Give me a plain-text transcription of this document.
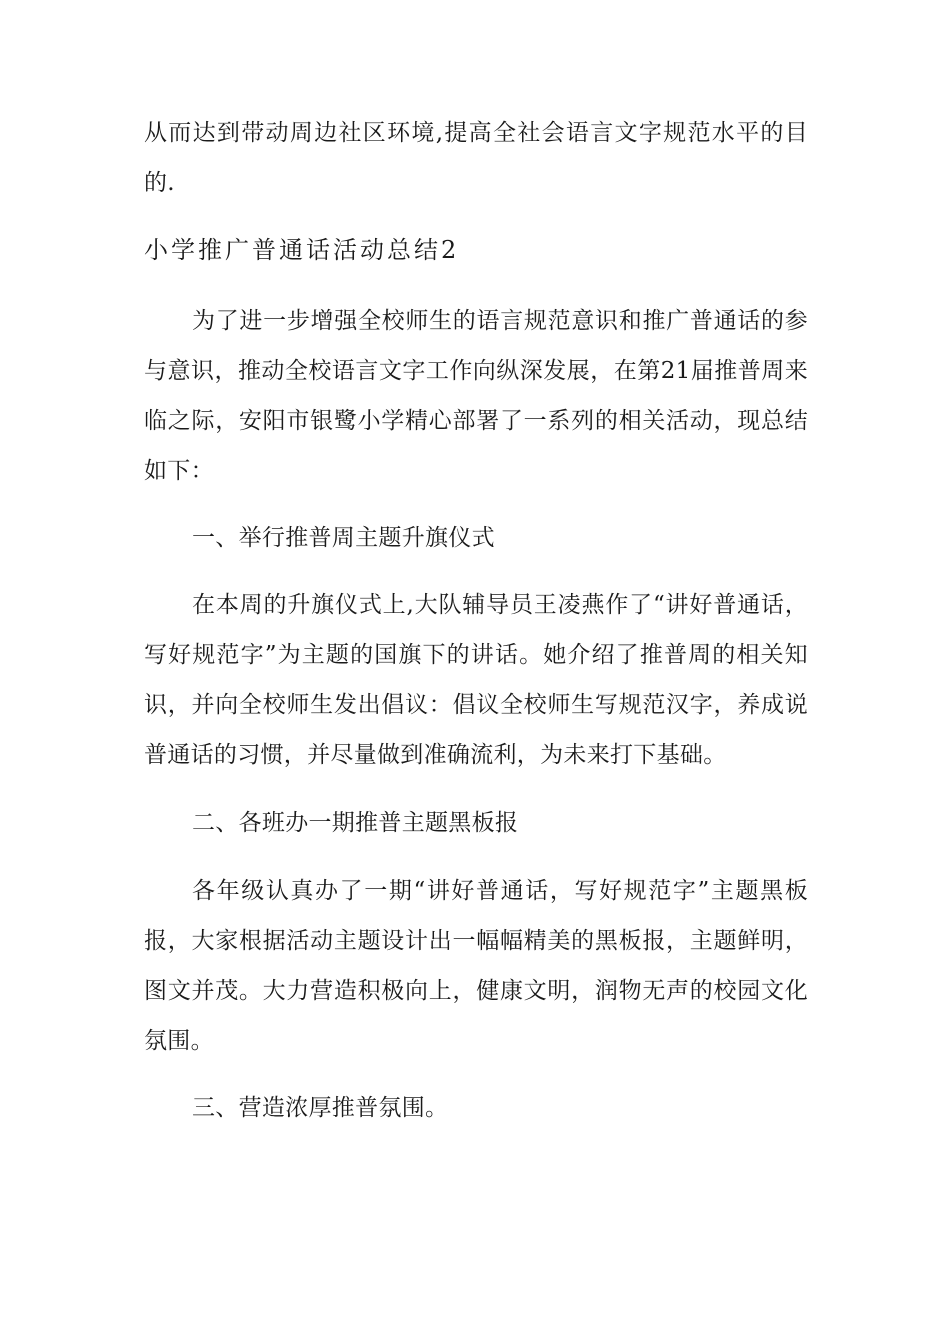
从而达到带动周边社区环境,提高全社会语言文字规范水平的目的.

小学推广普通话活动总结2

为了进一步增强全校师生的语言规范意识和推广普通话的参与意识，推动全校语言文字工作向纵深发展，在第21届推普周来临之际，安阳市银鹭小学精心部署了一系列的相关活动，现总结如下：

一、举行推普周主题升旗仪式

在本周的升旗仪式上,大队辅导员王凌燕作了“讲好普通话，写好规范字”为主题的国旗下的讲话。她介绍了推普周的相关知识，并向全校师生发出倡议：倡议全校师生写规范汉字，养成说普通话的习惯，并尽量做到准确流利，为未来打下基础。

二、各班办一期推普主题黑板报

各年级认真办了一期“讲好普通话，写好规范字”主题黑板报，大家根据活动主题设计出一幅幅精美的黑板报，主题鲜明，图文并茂。大力营造积极向上，健康文明，润物无声的校园文化氛围。

三、营造浓厚推普氛围。
